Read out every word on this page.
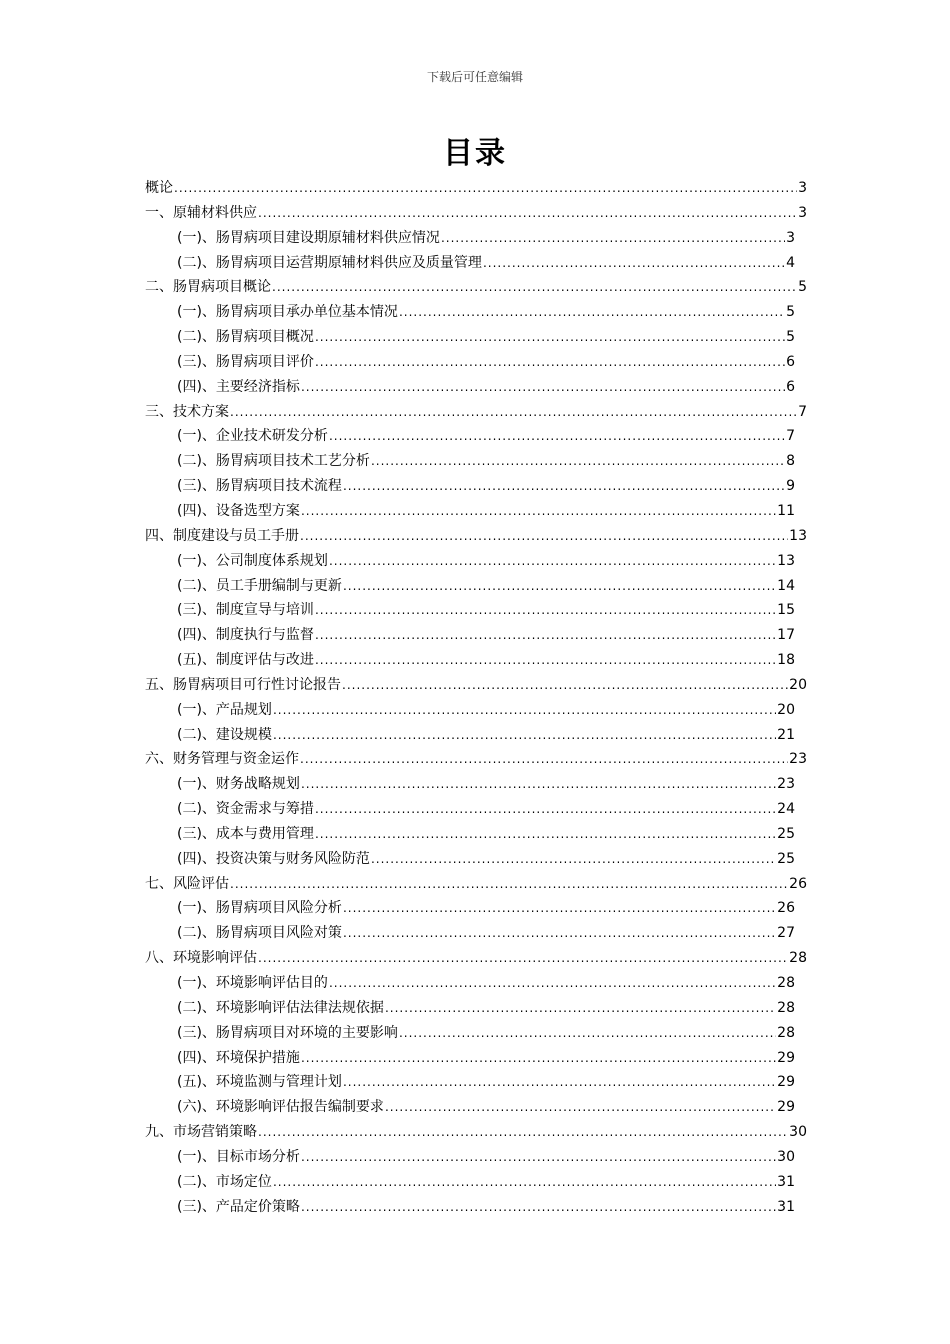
下载后可任意编辑
目录
概论 .....	3
一、原辅材料供应 .....	3
(一)、肠胃病项目建设期原辅材料供应情况 .....	3
(二)、肠胃病项目运营期原辅材料供应及质量管理 .....	4
二、肠胃病项目概论 .....	5
(一)、肠胃病项目承办单位基本情况 .....	5
(二)、肠胃病项目概况 .....	5
(三)、肠胃病项目评价 .....	6
(四)、主要经济指标 .....	6
三、技术方案 .....	7
(一)、企业技术研发分析 .....	7
(二)、肠胃病项目技术工艺分析 .....	8
(三)、肠胃病项目技术流程 .....	9
(四)、设备选型方案 .....	11
四、制度建设与员工手册 .....	13
(一)、公司制度体系规划 .....	13
(二)、员工手册编制与更新 .....	14
(三)、制度宣导与培训 .....	15
(四)、制度执行与监督 .....	17
(五)、制度评估与改进 .....	18
五、肠胃病项目可行性讨论报告 .....	20
(一)、产品规划 .....	20
(二)、建设规模 .....	21
六、财务管理与资金运作 .....	23
(一)、财务战略规划 .....	23
(二)、资金需求与筹措 .....	24
(三)、成本与费用管理 .....	25
(四)、投资决策与财务风险防范 .....	25
七、风险评估 .....	26
(一)、肠胃病项目风险分析 .....	26
(二)、肠胃病项目风险对策 .....	27
八、环境影响评估 .....	28
(一)、环境影响评估目的 .....	28
(二)、环境影响评估法律法规依据 .....	28
(三)、肠胃病项目对环境的主要影响 .....	28
(四)、环境保护措施 .....	29
(五)、环境监测与管理计划 .....	29
(六)、环境影响评估报告编制要求 .....	29
九、市场营销策略 .....	30
(一)、目标市场分析 .....	30
(二)、市场定位 .....	31
(三)、产品定价策略 .....	31
